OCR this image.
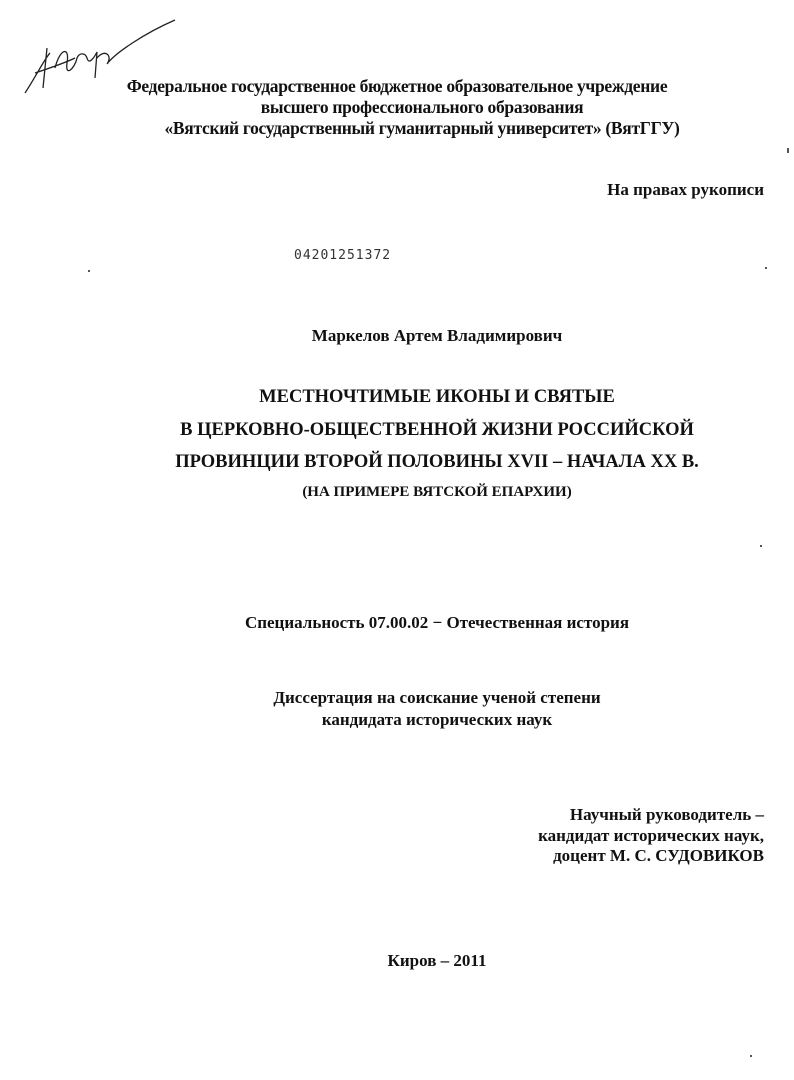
Федеральное государственное бюджетное образовательное учреждение
высшего профессионального образования
«Вятский государственный гуманитарный университет» (ВятГГУ)
На правах рукописи
04201251372
Маркелов Артем Владимирович
МЕСТНОЧТИМЫЕ ИКОНЫ И СВЯТЫЕ
В ЦЕРКОВНО-ОБЩЕСТВЕННОЙ ЖИЗНИ РОССИЙСКОЙ
ПРОВИНЦИИ ВТОРОЙ ПОЛОВИНЫ XVII – НАЧАЛА XX В.
(НА ПРИМЕРЕ ВЯТСКОЙ ЕПАРХИИ)
Специальность 07.00.02 − Отечественная история
Диссертация на соискание ученой степени
кандидата исторических наук
Научный руководитель –
кандидат исторических наук,
доцент М. С. СУДОВИКОВ
Киров – 2011
